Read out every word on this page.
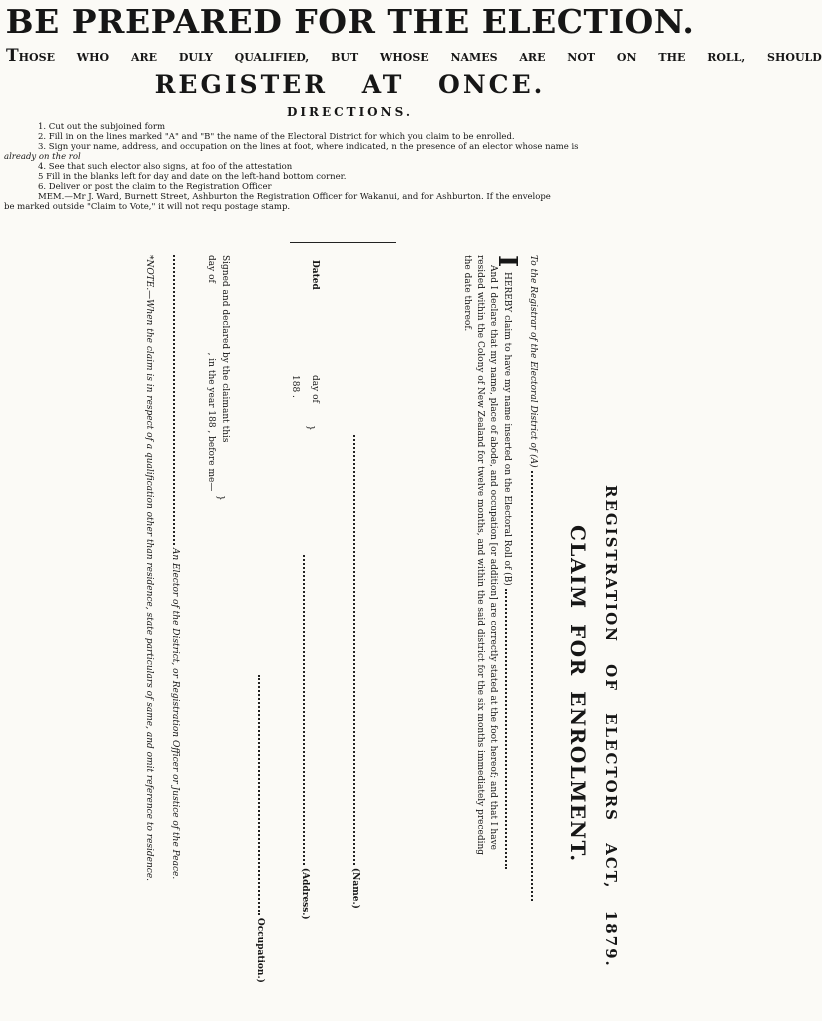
BE PREPARED FOR THE ELECTION.

THOSE WHO ARE DULY QUALIFIED, BUT WHOSE NAMES ARE NOT ON THE ROLL, SHOULD

REGISTER AT ONCE.
DIRECTIONS.
1. Cut out the subjoined form
2. Fill in on the lines marked "A" and "B" the name of the Electoral District for which you claim to be enrolled.
3. Sign your name, address, and occupation on the lines at foot, where indicated, n the presence of an elector whose name is
already on the rol
4. See that such elector also signs, at foo of the attestation
5 Fill in the blanks left for day and date on the left-hand bottom corner.
6. Deliver or post the claim to the Registration Officer
MEM.—Mr J. Ward, Burnett Street, Ashburton the Registration Officer for Wakanui, and for Ashburton. If the envelope
be marked outside "Claim to Vote," it will not requ postage stamp.
REGISTRATION OF ELECTORS ACT, 1879.
CLAIM FOR ENROLMENT.
To the Registrar of the Electoral District of (A)
I HEREBY claim to have my name inserted on the Electoral Roll of (B)
And I declare that my name, place of abode, and occupation [or addition] are correctly stated at the foot hereof; and that I have
resided within the Colony of New Zealand for twelve months, and within the said district for the six months immediately preceding
the date thereof.
(Name.)
Dated
day of
188 .
}
(Address.)
Occupation.)
Signed and declared by the claimant this
day of  , in the year 188 , before me—
}
An Elector of the District, or Registration Officer or Justice of the Peace.
*NOTE.—When the claim is in respect of a qualification other than residence, state particulars of same, and omit reference to residence.
